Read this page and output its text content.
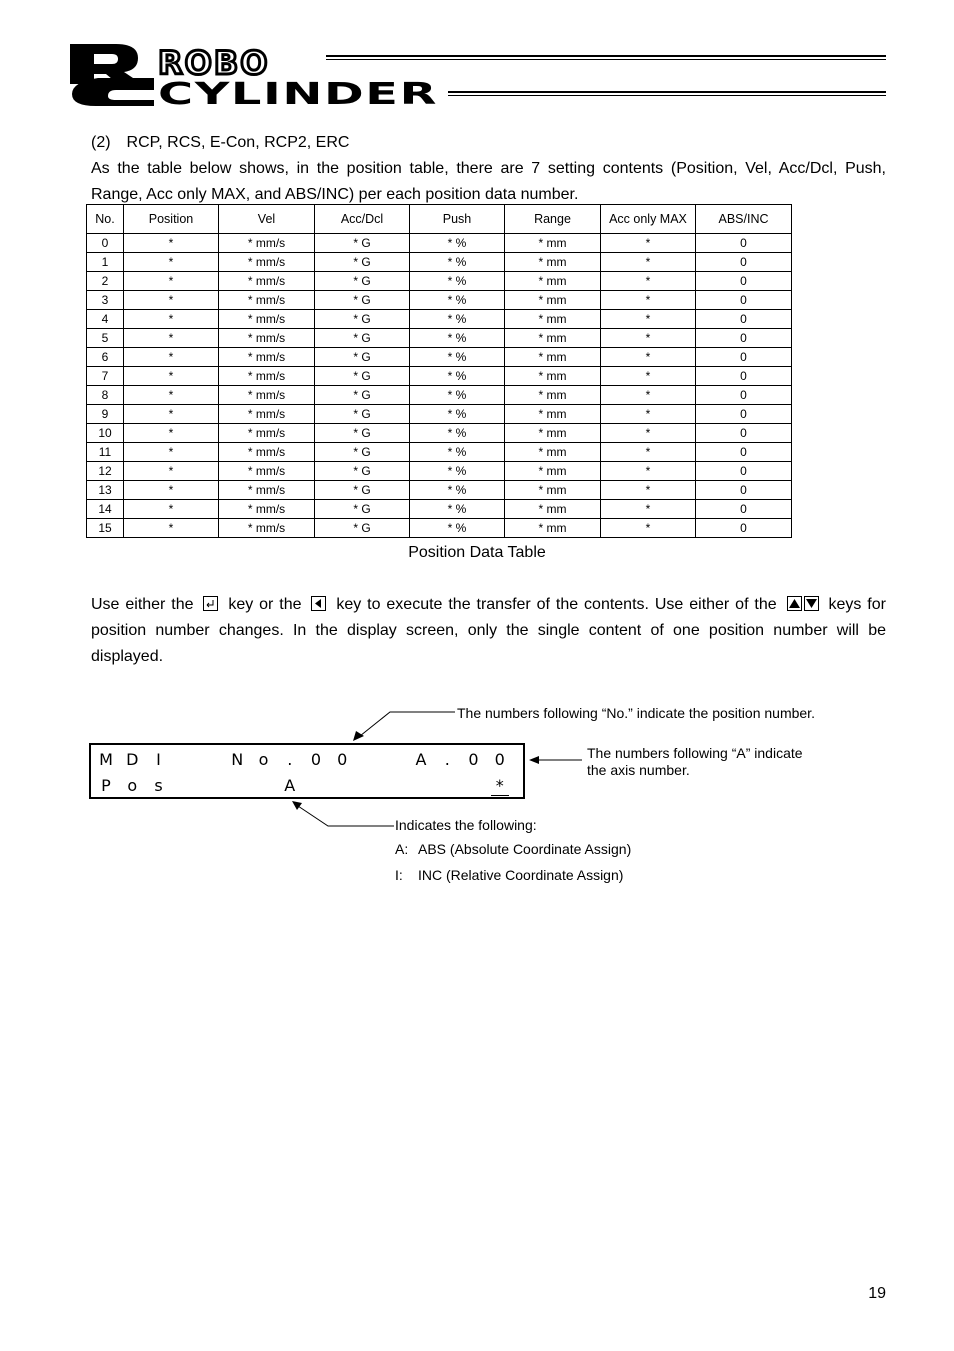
ROBO
CYLINDER
(2) RCP, RCS, E-Con, RCP2, ERC
As the table below shows, in the position table, there are 7 setting contents (Position, Vel, Acc/Dcl, Push, Range, Acc only MAX, and ABS/INC) per each position data number.
No.	Position	Vel	Acc/Dcl	Push	Range	Acc only MAX	ABS/INC
0	*	* mm/s	* G	* %	* mm	*	0
1	*	* mm/s	* G	* %	* mm	*	0
2	*	* mm/s	* G	* %	* mm	*	0
3	*	* mm/s	* G	* %	* mm	*	0
4	*	* mm/s	* G	* %	* mm	*	0
5	*	* mm/s	* G	* %	* mm	*	0
6	*	* mm/s	* G	* %	* mm	*	0
7	*	* mm/s	* G	* %	* mm	*	0
8	*	* mm/s	* G	* %	* mm	*	0
9	*	* mm/s	* G	* %	* mm	*	0
10	*	* mm/s	* G	* %	* mm	*	0
11	*	* mm/s	* G	* %	* mm	*	0
12	*	* mm/s	* G	* %	* mm	*	0
13	*	* mm/s	* G	* %	* mm	*	0
14	*	* mm/s	* G	* %	* mm	*	0
15	*	* mm/s	* G	* %	* mm	*	0
Position Data Table
Use either the key or the key to execute the transfer of the contents. Use either of the	keys for position number changes. In the display screen, only the single content of one position number will be displayed.
M D	I	N o	.	0 0	A	.	0 0
P o	s	A	*
The numbers following “No.” indicate the position number.
The numbers following “A” indicate
the axis number.
Indicates the following:
A: ABS (Absolute Coordinate Assign)
I: INC (Relative Coordinate Assign)
19
